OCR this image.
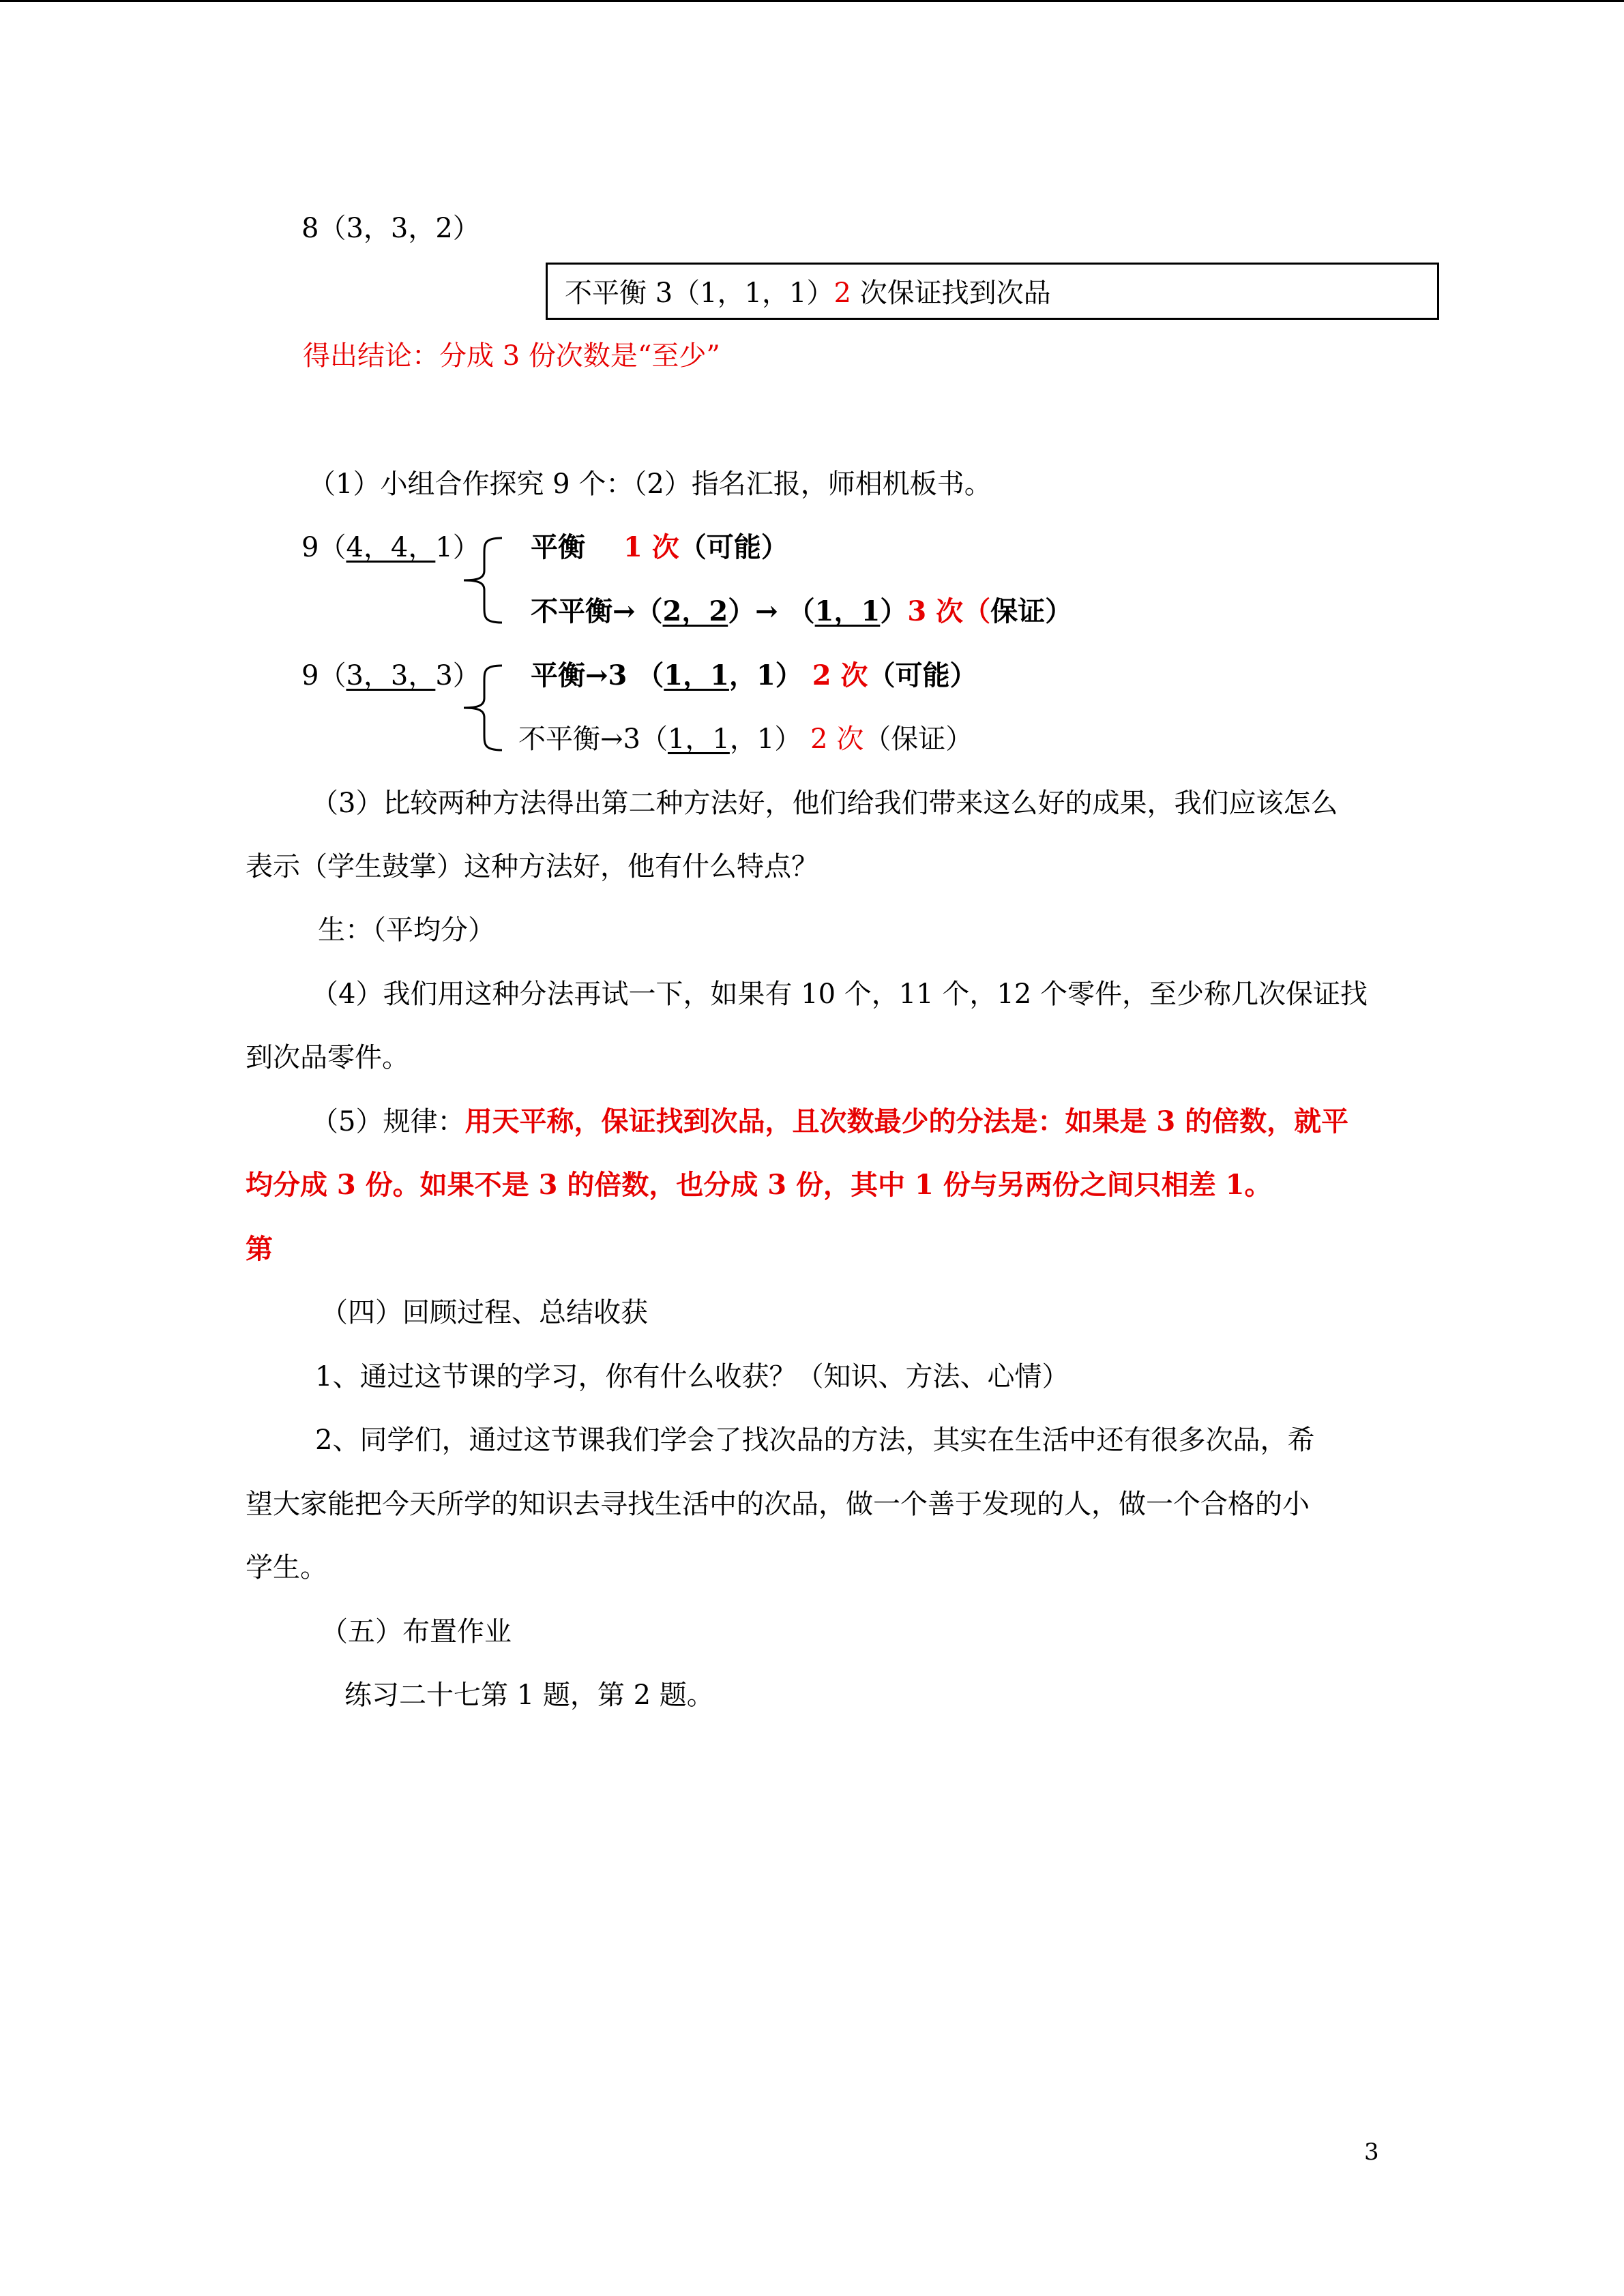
8（3，3，2）
不平衡 3（1，1，1）2 次保证找到次品
得出结论：分成 3 份次数是“至少”
（1）小组合作探究 9 个：（2）指名汇报，师相机板书。
9（4，4，1） 平衡 1 次（可能）
不平衡→（2，2）→ （1，1）3 次（保证）
9（3，3，3） 平衡→3 （1，1，1） 2 次（可能）
不平衡→3（1，1，1） 2 次（保证）
（3）比较两种方法得出第二种方法好，他们给我们带来这么好的成果，我们应该怎么
表示（学生鼓掌）这种方法好，他有什么特点？
生：（平均分）
（4）我们用这种分法再试一下，如果有 10 个，11 个，12 个零件，至少称几次保证找
到次品零件。
（5）规律：用天平称，保证找到次品，且次数最少的分法是：如果是 3 的倍数，就平
均分成 3 份。如果不是 3 的倍数，也分成 3 份，其中 1 份与另两份之间只相差 1。
第
（四）回顾过程、总结收获
1、通过这节课的学习，你有什么收获？（知识、方法、心情）
2、同学们，通过这节课我们学会了找次品的方法，其实在生活中还有很多次品，希
望大家能把今天所学的知识去寻找生活中的次品，做一个善于发现的人，做一个合格的小
学生。
（五）布置作业
练习二十七第 1 题，第 2 题。
3
